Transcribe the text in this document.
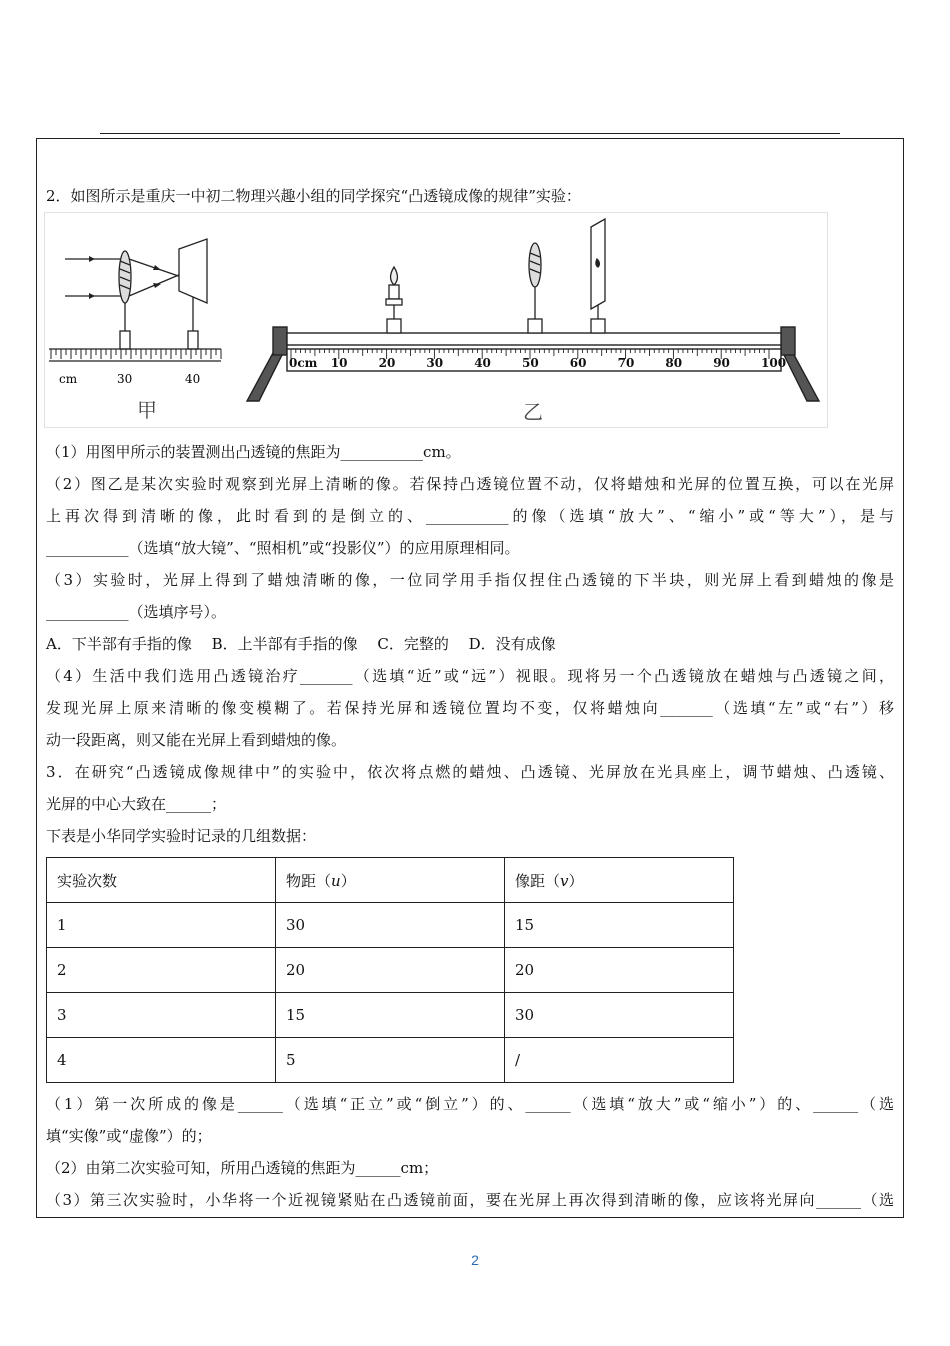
2．如图所示是重庆一中初二物理兴趣小组的同学探究“凸透镜成像的规律”实验：
cm	30	40
甲
0cm 10	20	30	40	50	60	70	80	90	100
乙
（1）用图甲所示的装置测出凸透镜的焦距为___________cm。
（2）图乙是某次实验时观察到光屏上清晰的像。若保持凸透镜位置不动，仅将蜡烛和光屏的位置互换，可以在光屏
上再次得到清晰的像，此时看到的是倒立的、___________的像（选填“放大”、“缩小”或“等大”），是与
___________（选填“放大镜”、“照相机”或“投影仪”）的应用原理相同。
（3）实验时，光屏上得到了蜡烛清晰的像，一位同学用手指仅捏住凸透镜的下半块，则光屏上看到蜡烛的像是
___________（选填序号）。
A．下半部有手指的像　 B．上半部有手指的像　 C．完整的　 D．没有成像
（4）生活中我们选用凸透镜治疗_______（选填“近”或“远”）视眼。现将另一个凸透镜放在蜡烛与凸透镜之间，
发现光屏上原来清晰的像变模糊了。若保持光屏和透镜位置均不变，仅将蜡烛向_______（选填“左”或“右”）移
动一段距离，则又能在光屏上看到蜡烛的像。
3．在研究“凸透镜成像规律中”的实验中，依次将点燃的蜡烛、凸透镜、光屏放在光具座上，调节蜡烛、凸透镜、
光屏的中心大致在______；
下表是小华同学实验时记录的几组数据：
实验次数	物距（u）	像距（v）
1	30	15
2	20	20
3	15	30
4	5	/
（1）第一次所成的像是______（选填“正立”或“倒立”）的、______（选填“放大”或“缩小”）的、______（选
填“实像”或“虚像”）的；
（2）由第二次实验可知，所用凸透镜的焦距为______cm；
（3）第三次实验时，小华将一个近视镜紧贴在凸透镜前面，要在光屏上再次得到清晰的像，应该将光屏向______（选
2
